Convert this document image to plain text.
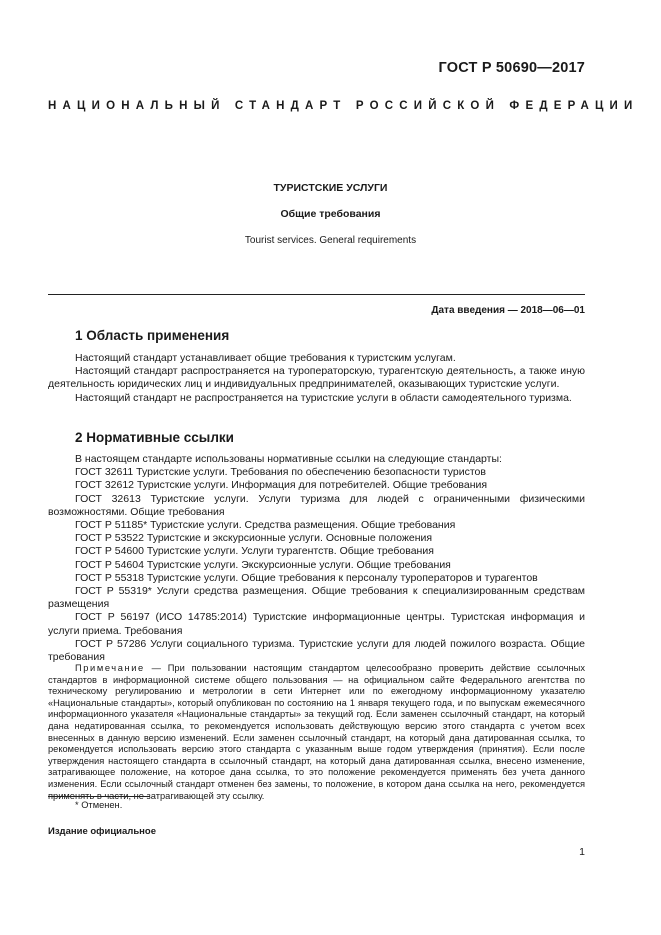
ГОСТ Р 50690—2017
НАЦИОНАЛЬНЫЙ СТАНДАРТ РОССИЙСКОЙ ФЕДЕРАЦИИ
ТУРИСТСКИЕ УСЛУГИ
Общие требования
Tourist services. General requirements
Дата введения — 2018—06—01
1 Область применения

Настоящий стандарт устанавливает общие требования к туристским услугам.

Настоящий стандарт распространяется на туроператорскую, турагентскую деятельность, а также иную деятельность юридических лиц и индивидуальных предпринимателей, оказывающих туристские услуги.

Настоящий стандарт не распространяется на туристские услуги в области самодеятельного туризма.

2 Нормативные ссылки
В настоящем стандарте использованы нормативные ссылки на следующие стандарты:
ГОСТ 32611 Туристские услуги. Требования по обеспечению безопасности туристов
ГОСТ 32612 Туристские услуги. Информация для потребителей. Общие требования
ГОСТ 32613 Туристские услуги. Услуги туризма для людей с ограниченными физическими возможностями. Общие требования
ГОСТ Р 51185* Туристские услуги. Средства размещения. Общие требования
ГОСТ Р 53522 Туристские и экскурсионные услуги. Основные положения
ГОСТ Р 54600 Туристские услуги. Услуги турагентств. Общие требования
ГОСТ Р 54604 Туристские услуги. Экскурсионные услуги. Общие требования
ГОСТ Р 55318 Туристские услуги. Общие требования к персоналу туроператоров и турагентов
ГОСТ Р 55319* Услуги средства размещения. Общие требования к специализированным средствам размещения
ГОСТ Р 56197 (ИСО 14785:2014) Туристские информационные центры. Туристская информация и услуги приема. Требования
ГОСТ Р 57286 Услуги социального туризма. Туристские услуги для людей пожилого возраста. Общие требования
Примечание — При пользовании настоящим стандартом целесообразно проверить действие ссылочных стандартов в информационной системе общего пользования — на официальном сайте Федерального агентства по техническому регулированию и метрологии в сети Интернет или по ежегодному информационному указателю «Национальные стандарты», который опубликован по состоянию на 1 января текущего года, и по выпускам ежемесячного информационного указателя «Национальные стандарты» за текущий год. Если заменен ссылочный стандарт, на который дана недатированная ссылка, то рекомендуется использовать действующую версию этого стандарта с учетом всех внесенных в данную версию изменений. Если заменен ссылочный стандарт, на который дана датированная ссылка, то рекомендуется использовать версию этого стандарта с указанным выше годом утверждения (принятия). Если после утверждения настоящего стандарта в ссылочный стандарт, на который дана датированная ссылка, внесено изменение, затрагивающее положение, на которое дана ссылка, то это положение рекомендуется применять без учета данного изменения. Если ссылочный стандарт отменен без замены, то положение, в котором дана ссылка на него, рекомендуется применять в части, не затрагивающей эту ссылку.
* Отменен.
Издание официальное
1
